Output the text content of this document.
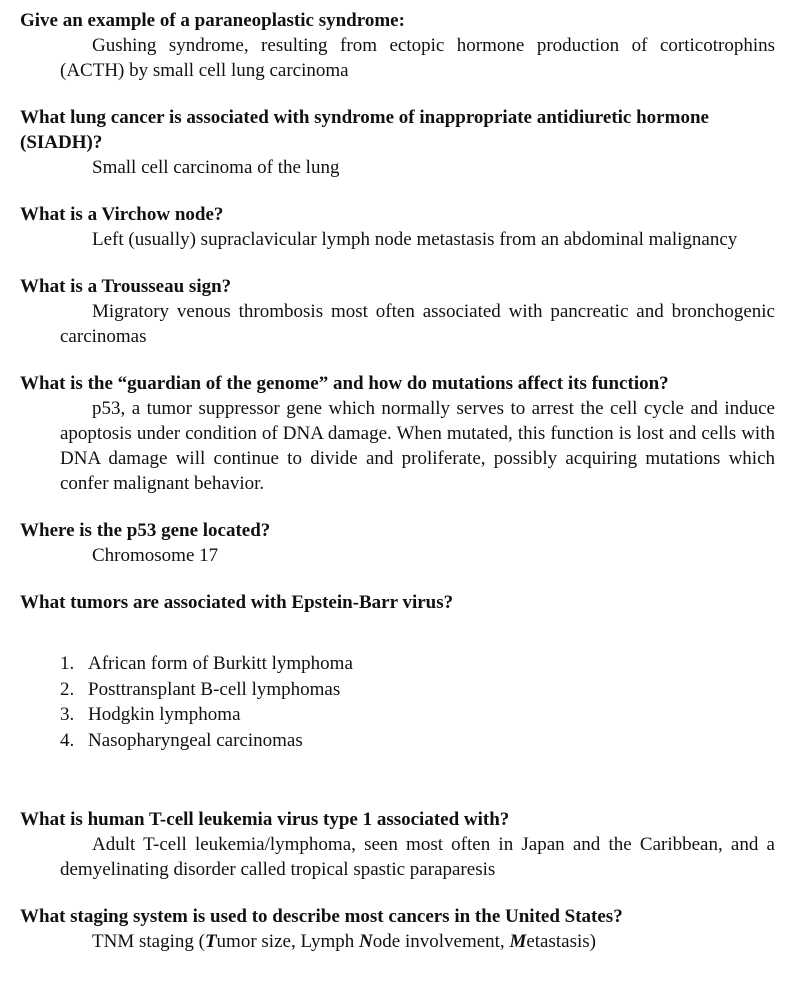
Give an example of a paraneoplastic syndrome:

Gushing syndrome, resulting from ectopic hormone production of corticotrophins (ACTH) by small cell lung carcinoma

What lung cancer is associated with syndrome of inappropriate antidiuretic hormone (SIADH)?

Small cell carcinoma of the lung

What is a Virchow node?

Left (usually) supraclavicular lymph node metastasis from an abdominal malignancy

What is a Trousseau sign?

Migratory venous thrombosis most often associated with pancreatic and bronchogenic carcinomas

What is the “guardian of the genome” and how do mutations affect its function?

p53, a tumor suppressor gene which normally serves to arrest the cell cycle and induce apoptosis under condition of DNA damage. When mutated, this function is lost and cells with DNA damage will continue to divide and proliferate, possibly acquiring mutations which confer malignant behavior.

Where is the p53 gene located?

Chromosome 17

What tumors are associated with Epstein-Barr virus?

1. African form of Burkitt lymphoma
2. Posttransplant B-cell lymphomas
3. Hodgkin lymphoma
4. Nasopharyngeal carcinomas

What is human T-cell leukemia virus type 1 associated with?

Adult T-cell leukemia/lymphoma, seen most often in Japan and the Caribbean, and a demyelinating disorder called tropical spastic paraparesis

What staging system is used to describe most cancers in the United States?

TNM staging (Tumor size, Lymph Node involvement, Metastasis)
